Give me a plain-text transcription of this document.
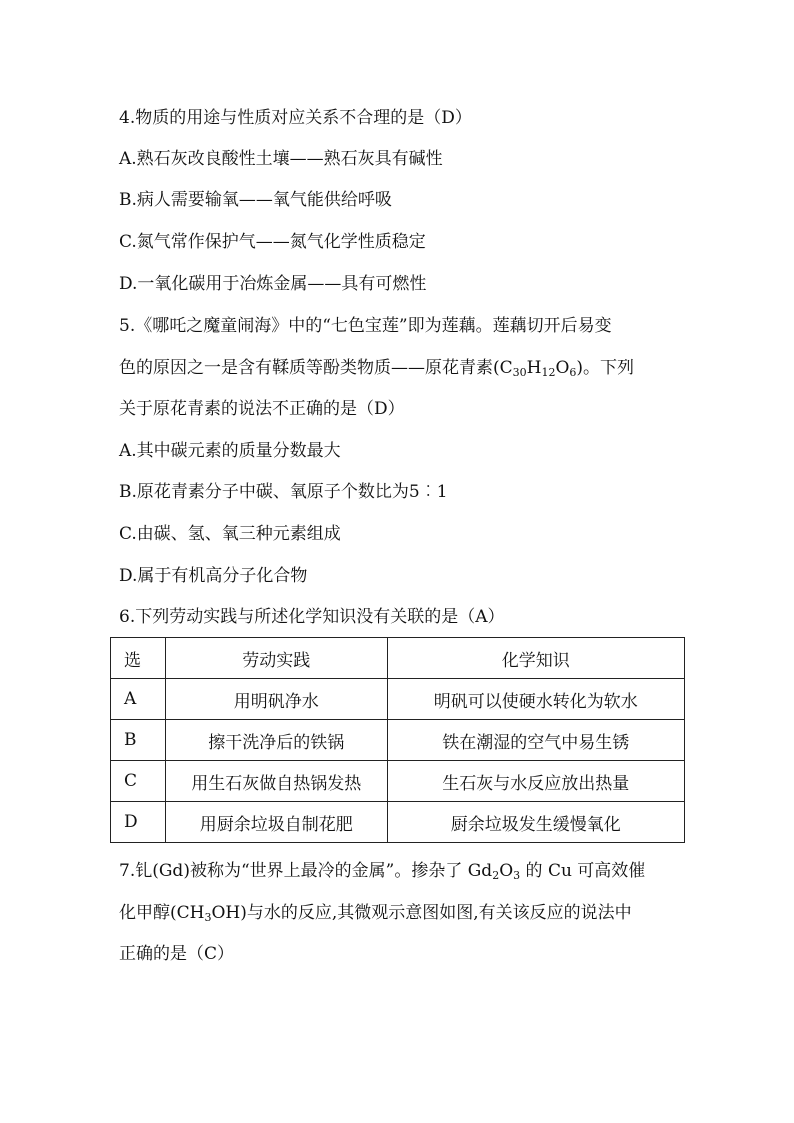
4.物质的用途与性质对应关系不合理的是（D）
A.熟石灰改良酸性土壤——熟石灰具有碱性
B.病人需要输氧——氧气能供给呼吸
C.氮气常作保护气——氮气化学性质稳定
D.一氧化碳用于冶炼金属——具有可燃性
5.《哪吒之魔童闹海》中的“七色宝莲”即为莲藕。莲藕切开后易变
色的原因之一是含有鞣质等酚类物质——原花青素$(C_{30}H_{12}O_6)$。下列
关于原花青素的说法不正确的是（D）
A.其中碳元素的质量分数最大
B.原花青素分子中碳、氧原子个数比为5︰1
C.由碳、氢、氧三种元素组成
D.属于有机高分子化合物
6.下列劳动实践与所述化学知识没有关联的是（A）
选	劳动实践	化学知识
A	用明矾净水	明矾可以使硬水转化为软水
B	擦干洗净后的铁锅	铁在潮湿的空气中易生锈
C	用生石灰做自热锅发热	生石灰与水反应放出热量
D	用厨余垃圾自制花肥	厨余垃圾发生缓慢氧化
7.钆(Gd)被称为“世界上最冷的金属”。掺杂了 $Gd_2O_3$ 的 Cu 可高效催
化甲醇$(CH_3OH)$与水的反应,其微观示意图如图,有关该反应的说法中
正确的是（C）
